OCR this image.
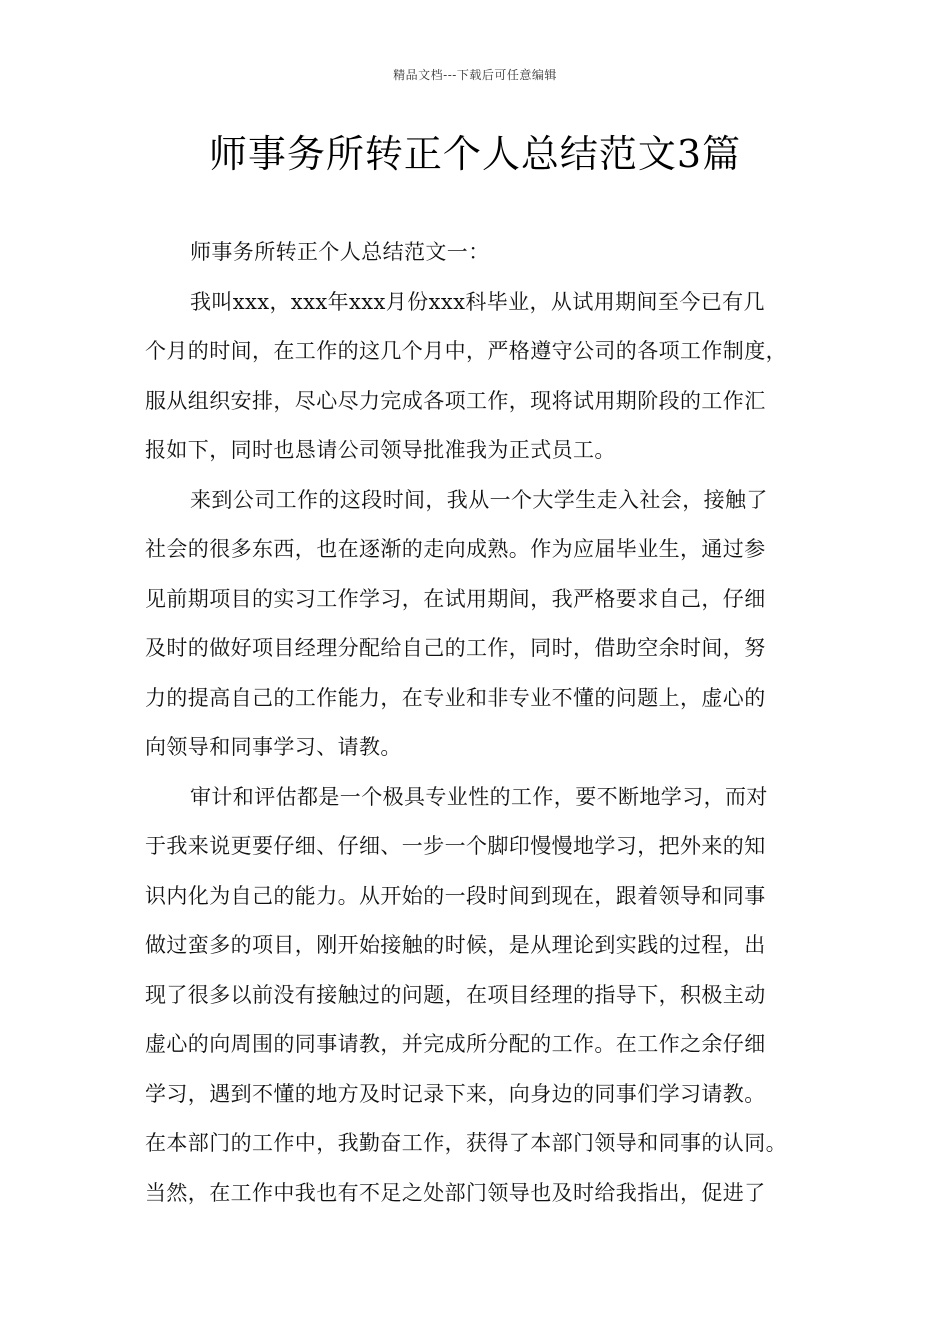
精品文档---下载后可任意编辑
师事务所转正个人总结范文3篇
师事务所转正个人总结范文一：
我叫xxx，xxx年xxx月份xxx科毕业，从试用期间至今已有几
个月的时间，在工作的这几个月中，严格遵守公司的各项工作制度，
服从组织安排，尽心尽力完成各项工作，现将试用期阶段的工作汇
报如下，同时也恳请公司领导批准我为正式员工。
来到公司工作的这段时间，我从一个大学生走入社会，接触了
社会的很多东西，也在逐渐的走向成熟。作为应届毕业生，通过参
见前期项目的实习工作学习，在试用期间，我严格要求自己，仔细
及时的做好项目经理分配给自己的工作，同时，借助空余时间，努
力的提高自己的工作能力，在专业和非专业不懂的问题上，虚心的
向领导和同事学习、请教。
审计和评估都是一个极具专业性的工作，要不断地学习，而对
于我来说更要仔细、仔细、一步一个脚印慢慢地学习，把外来的知
识内化为自己的能力。从开始的一段时间到现在，跟着领导和同事
做过蛮多的项目，刚开始接触的时候，是从理论到实践的过程，出
现了很多以前没有接触过的问题，在项目经理的指导下，积极主动
虚心的向周围的同事请教，并完成所分配的工作。在工作之余仔细
学习，遇到不懂的地方及时记录下来，向身边的同事们学习请教。
在本部门的工作中，我勤奋工作，获得了本部门领导和同事的认同。
当然，在工作中我也有不足之处部门领导也及时给我指出，促进了
